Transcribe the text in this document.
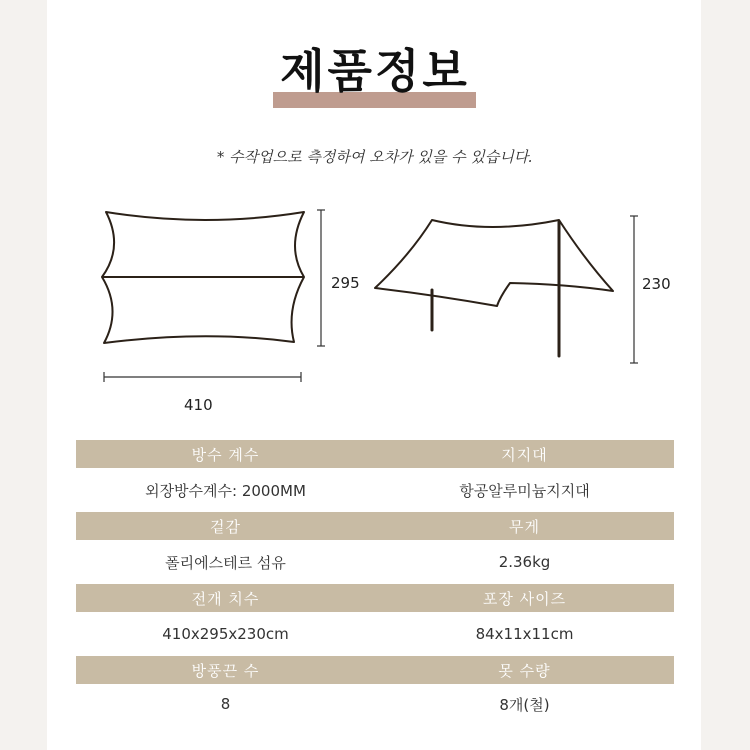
제품정보
* 수작업으로 측정하여 오차가 있을 수 있습니다.
295
410
230
방수 계수	지지대
외장방수계수: 2000MM	항공알루미늄지지대
겉감	무게
폴리에스테르 섬유	2.36kg
전개 치수	포장 사이즈
410x295x230cm	84x11x11cm
방풍끈 수	못 수량
8	8개(철)
